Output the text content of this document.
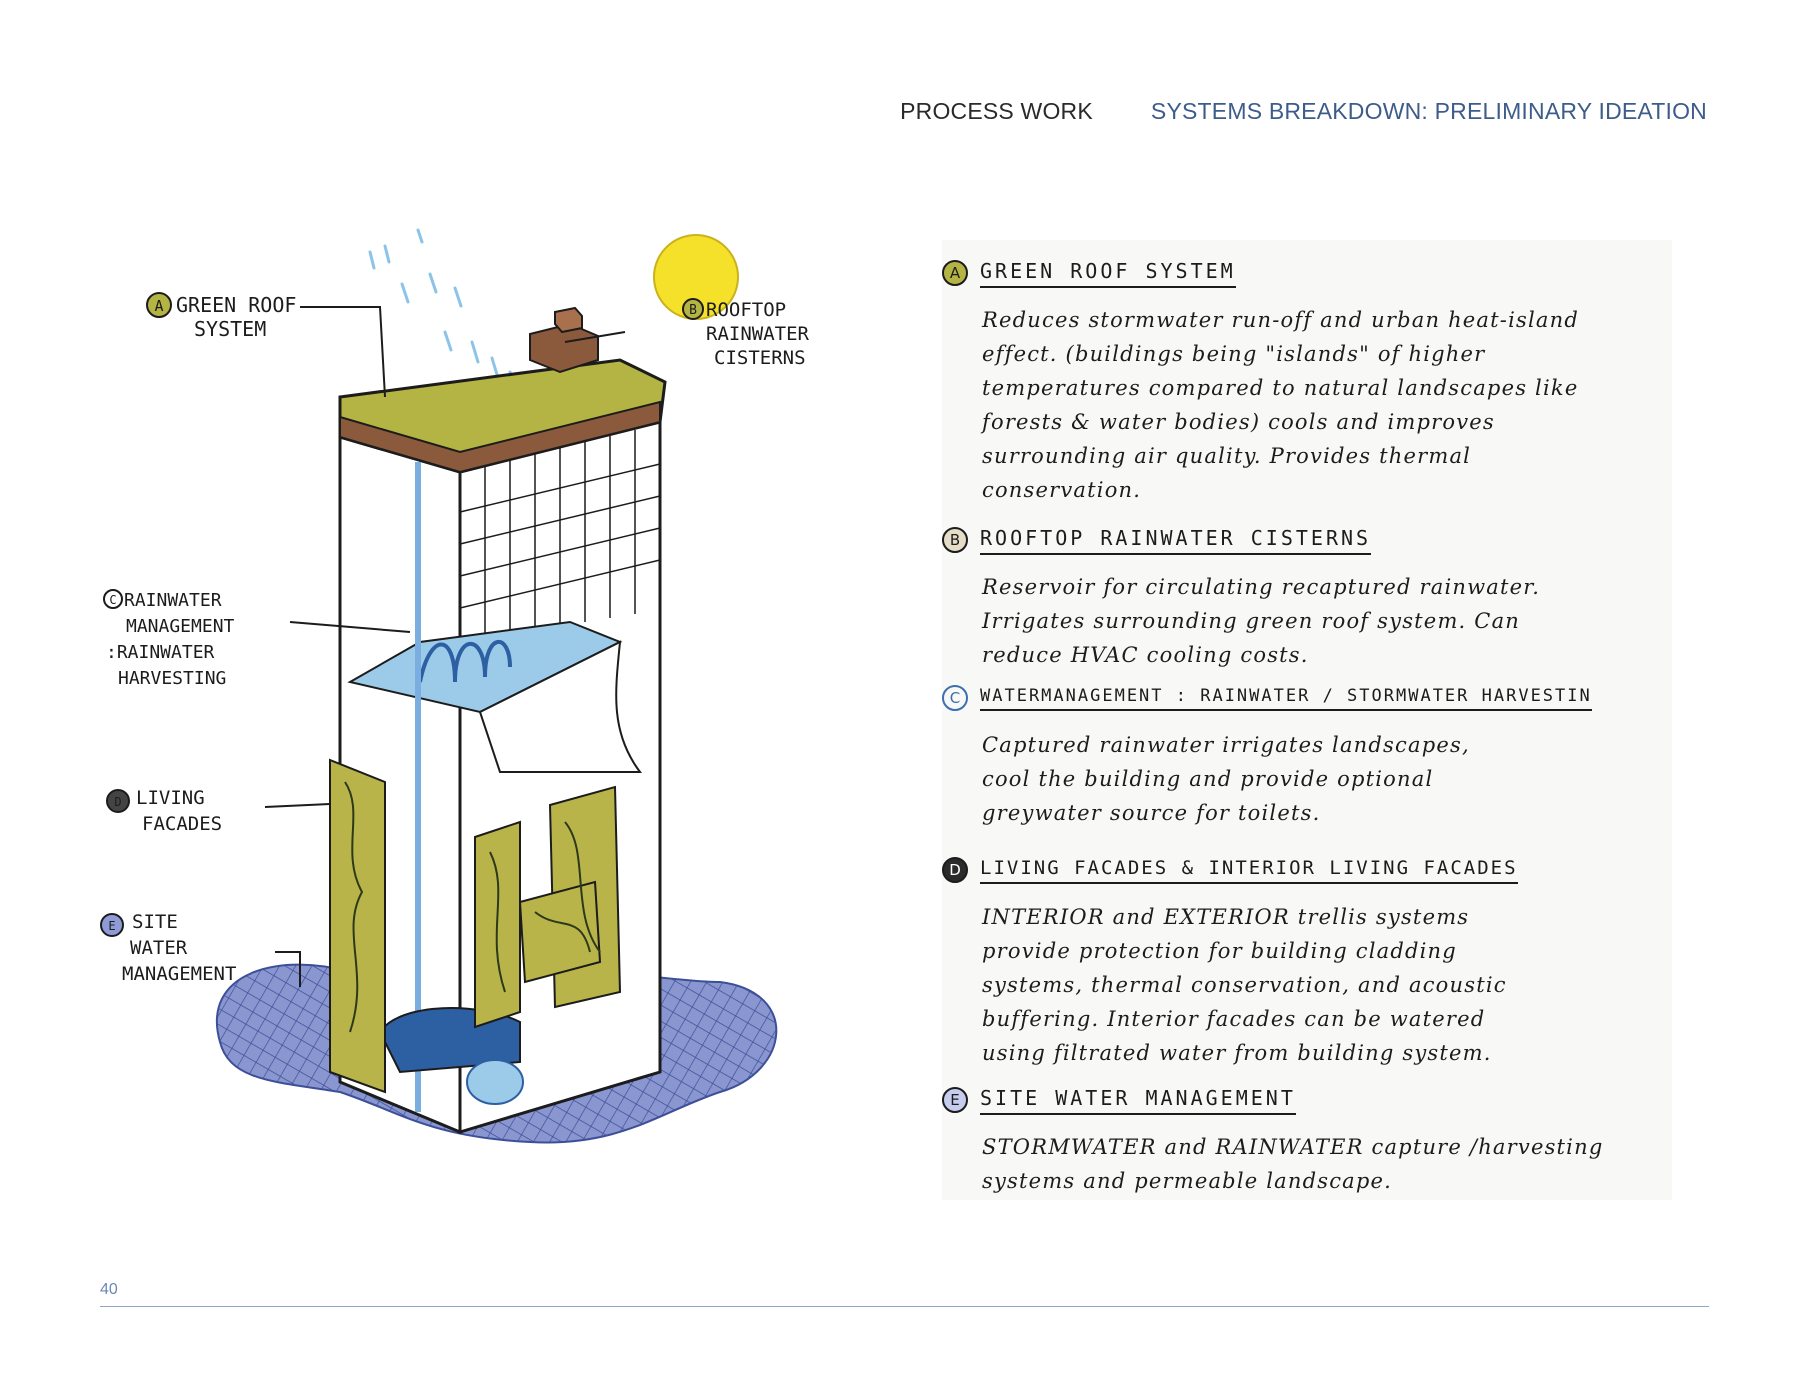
PROCESS WORK	SYSTEMS BREAKDOWN: PRELIMINARY IDEATION
A GREEN ROOF
SYSTEM
B ROOFTOP
RAINWATER
CISTERNS
C RAINWATER
MANAGEMENT
:RAINWATER
HARVESTING
D LIVING
FACADES
E SITE
WATER
MANAGEMENT
A GREEN ROOF SYSTEM
Reduces stormwater run-off and urban heat-island
effect. (buildings being "islands" of higher
temperatures compared to natural landscapes like
forests & water bodies) cools and improves
surrounding air quality. Provides thermal
conservation.
B ROOFTOP RAINWATER CISTERNS
Reservoir for circulating recaptured rainwater.
Irrigates surrounding green roof system. Can
reduce HVAC cooling costs.
C	WATERMANAGEMENT : RAINWATER / STORMWATER HARVESTIN
Captured rainwater irrigates landscapes,
cool the building and provide optional
greywater source for toilets.
D	LIVING FACADES & INTERIOR LIVING FACADES
INTERIOR and EXTERIOR trellis systems
provide protection for building cladding
systems, thermal conservation, and acoustic
buffering. Interior facades can be watered
using filtrated water from building system.
E	SITE WATER MANAGEMENT
STORMWATER and RAINWATER capture /harvesting
systems and permeable landscape.
40
